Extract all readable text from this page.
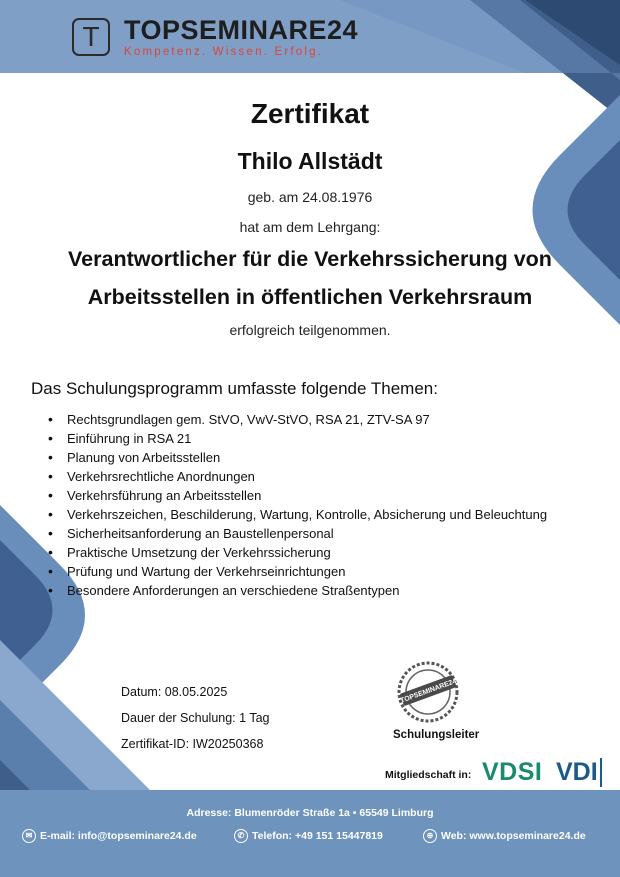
T TOPSEMINARE24
Kompetenz. Wissen. Erfolg.
Zertifikat
Thilo Allstädt
geb. am 24.08.1976
hat am dem Lehrgang:
Verantwortlicher für die Verkehrssicherung von
Arbeitsstellen in öffentlichen Verkehrsraum
erfolgreich teilgenommen.
Das Schulungsprogramm umfasste folgende Themen:
• Rechtsgrundlagen gem. StVO, VwV-StVO, RSA 21, ZTV-SA 97
• Einführung in RSA 21
• Planung von Arbeitsstellen
• Verkehrsrechtliche Anordnungen
• Verkehrsführung an Arbeitsstellen
• Verkehrszeichen, Beschilderung, Wartung, Kontrolle, Absicherung und Beleuchtung
• Sicherheitsanforderung an Baustellenpersonal
• Praktische Umsetzung der Verkehrssicherung
• Prüfung und Wartung der Verkehrseinrichtungen
• Besondere Anforderungen an verschiedene Straßentypen
Datum: 08.05.2025
Dauer der Schulung: 1 Tag
Zertifikat-ID: IW20250368
TOPSEMINARE24
Schulungsleiter
Mitgliedschaft in: VDSI VDI
Adresse: Blumenröder Straße 1a • 65549 Limburg
✉ E-mail: info@topseminare24.de	✆ Telefon: +49 151 15447819	⊕ Web: www.topseminare24.de
